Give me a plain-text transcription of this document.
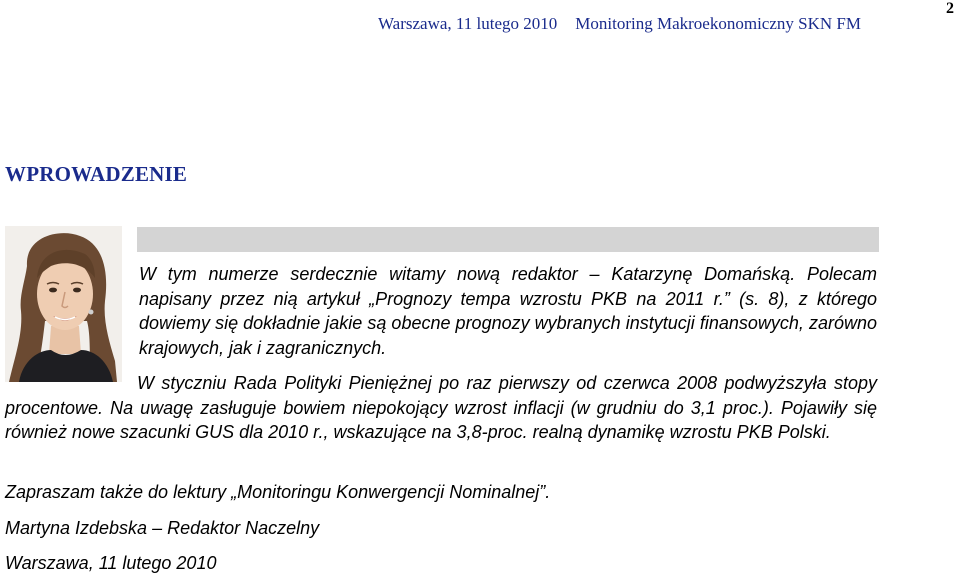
Warszawa, 11 lutego 2010 Monitoring Makroekonomiczny SKN FM
2
WPROWADZENIE

W tym numerze serdecznie witamy nową redaktor – Katarzynę Domańską. Polecam napisany przez nią artykuł „Prognozy tempa wzrostu PKB na 2011 r.” (s. 8), z którego dowiemy się dokładnie jakie są obecne prognozy wybranych instytucji finansowych, zarówno krajowych, jak i zagranicznych.

W styczniu Rada Polityki Pieniężnej po raz pierwszy od czerwca 2008 podwyższyła stopy procentowe. Na uwagę zasługuje bowiem niepokojący wzrost inflacji (w grudniu do 3,1 proc.). Pojawiły się również nowe szacunki GUS dla 2010 r., wskazujące na 3,8-proc. realną dynamikę wzrostu PKB Polski.

Zapraszam także do lektury „Monitoringu Konwergencji Nominalnej”.

Martyna Izdebska – Redaktor Naczelny

Warszawa, 11 lutego 2010
